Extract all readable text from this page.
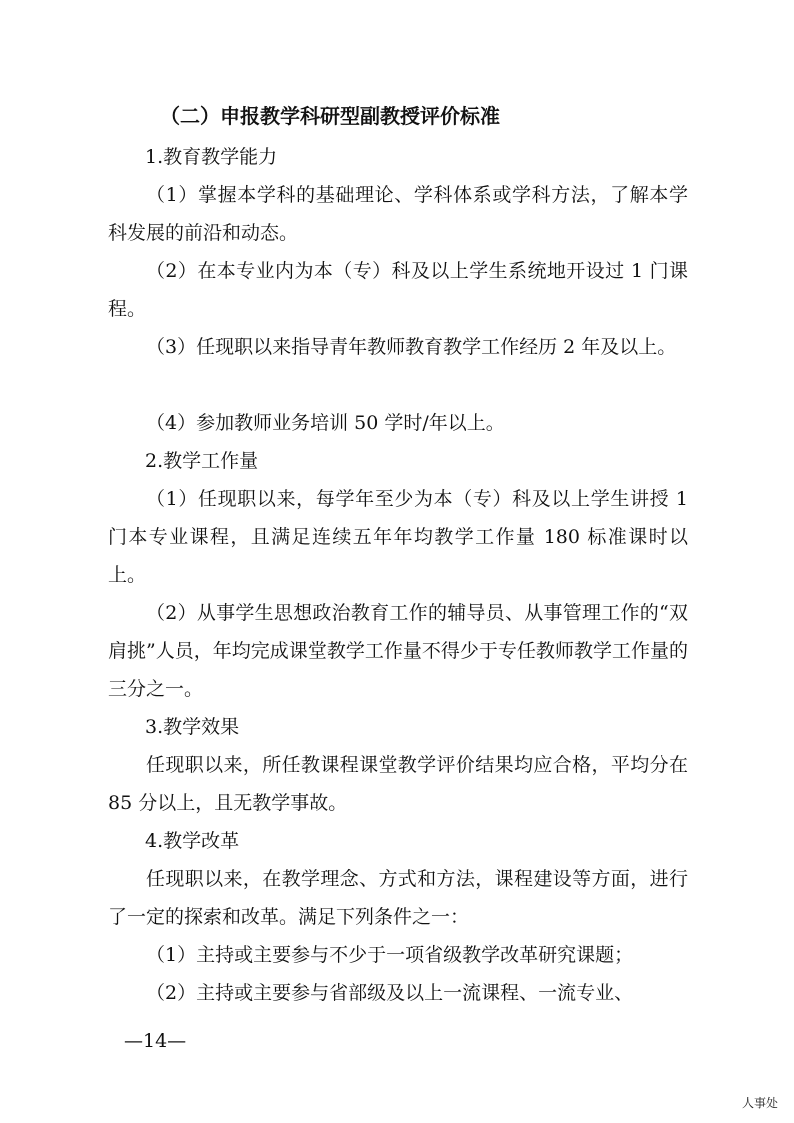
（二）申报教学科研型副教授评价标准

1.教育教学能力

（1）掌握本学科的基础理论、学科体系或学科方法，了解本学科发展的前沿和动态。

（2）在本专业内为本（专）科及以上学生系统地开设过 1 门课程。

（3）任现职以来指导青年教师教育教学工作经历 2 年及以上。

（4）参加教师业务培训 50 学时/年以上。

2.教学工作量

（1）任现职以来，每学年至少为本（专）科及以上学生讲授 1 门本专业课程，且满足连续五年年均教学工作量 180 标准课时以上。

（2）从事学生思想政治教育工作的辅导员、从事管理工作的“双肩挑”人员，年均完成课堂教学工作量不得少于专任教师教学工作量的三分之一。

3.教学效果

任现职以来，所任教课程课堂教学评价结果均应合格，平均分在 85 分以上，且无教学事故。

4.教学改革

任现职以来，在教学理念、方式和方法，课程建设等方面，进行了一定的探索和改革。满足下列条件之一：

（1）主持或主要参与不少于一项省级教学改革研究课题；

（2）主持或主要参与省部级及以上一流课程、一流专业、

—14—
人事处
